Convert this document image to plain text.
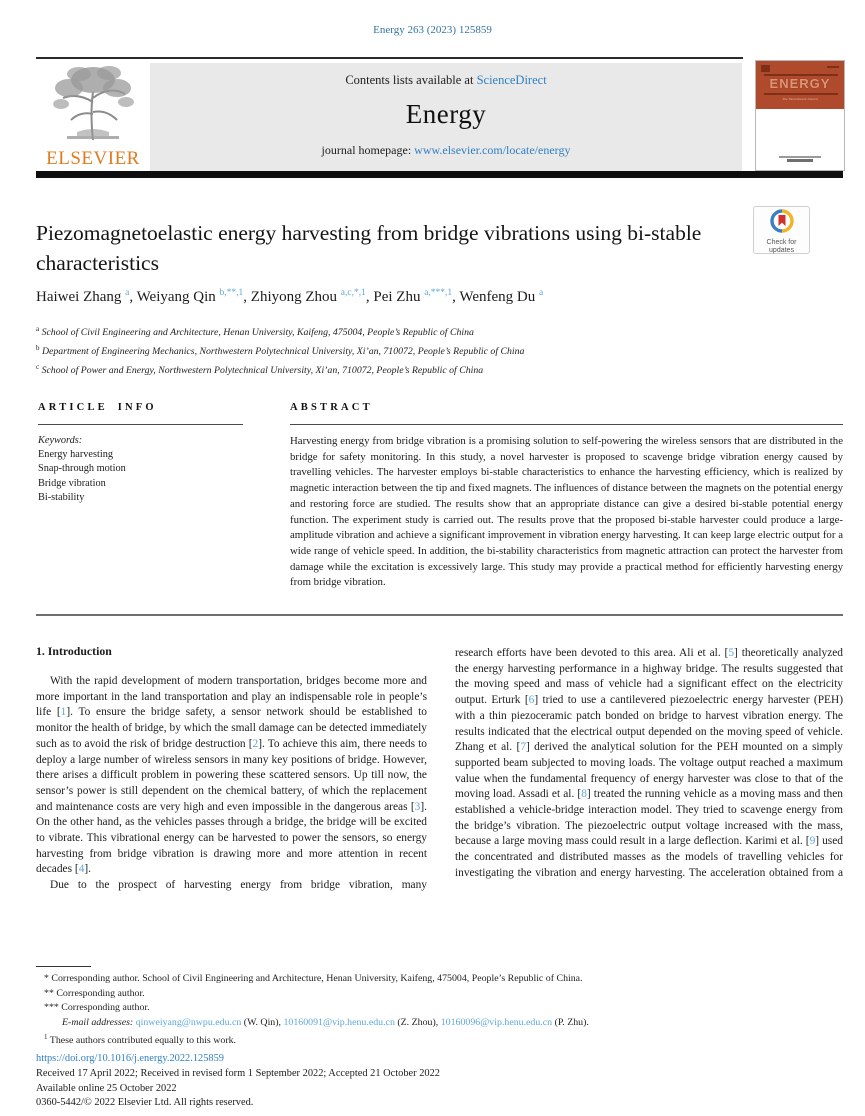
Energy 263 (2023) 125859
ELSEVIER
Contents lists available at ScienceDirect
Energy
journal homepage: www.elsevier.com/locate/energy
ENERGY
The International Journal
Check for
updates
Piezomagnetoelastic energy harvesting from bridge vibrations using bi-stable characteristics
Haiwei Zhang $^a$, Weiyang Qin $^{b,**,1}$, Zhiyong Zhou $^{a,c,*,1}$, Pei Zhu $^{a,***,1}$, Wenfeng Du $^a$
$^a$ School of Civil Engineering and Architecture, Henan University, Kaifeng, 475004, People’s Republic of China
$^b$ Department of Engineering Mechanics, Northwestern Polytechnical University, Xi’an, 710072, People’s Republic of China
$^c$ School of Power and Energy, Northwestern Polytechnical University, Xi’an, 710072, People’s Republic of China
ARTICLE INFO
Keywords:
Energy harvesting
Snap-through motion
Bridge vibration
Bi-stability
ABSTRACT
Harvesting energy from bridge vibration is a promising solution to self-powering the wireless sensors that are distributed in the bridge for safety monitoring. In this study, a novel harvester is proposed to scavenge bridge vibration energy caused by travelling vehicles. The harvester employs bi-stable characteristics to enhance the harvesting efficiency, which is realized by magnetic interaction between the tip and fixed magnets. The influences of distance between the magnets on the potential energy and restoring force are studied. The results show that an appropriate distance can give a desired bi-stable potential energy function. The experiment study is carried out. The results prove that the proposed bi-stable harvester could produce a large-amplitude vibration and achieve a significant improvement in vibration energy harvesting. It can keep large electric output for a wide range of vehicle speed. In addition, the bi-stability characteristics from magnetic attraction can protect the harvester from damage while the excitation is excessively large. This study may provide a practical method for efficiently harvesting energy from bridge vibration.
1. Introduction

With the rapid development of modern transportation, bridges become more and more important in the land transportation and play an indispensable role in people’s life [1]. To ensure the bridge safety, a sensor network should be established to monitor the health of bridge, by which the small damage can be detected immediately such as to avoid the risk of bridge destruction [2]. To achieve this aim, there needs to deploy a large number of wireless sensors in many key positions of bridge. However, there arises a difficult problem in powering these scattered sensors. Up till now, the sensor’s power is still dependent on the chemical battery, of which the replacement and maintenance costs are very high and even impossible in the dangerous areas [3]. On the other hand, as the vehicles passes through a bridge, the bridge will be excited to vibrate. This vibrational energy can be harvested to power the sensors, so energy harvesting from bridge vibration is drawing more and more attention in recent decades [4].

Due to the prospect of harvesting energy from bridge vibration, many

research efforts have been devoted to this area. Ali et al. [5] theoretically analyzed the energy harvesting performance in a highway bridge. The results suggested that the moving speed and mass of vehicle had a significant effect on the electricity output. Erturk [6] tried to use a cantilevered piezoelectric energy harvester (PEH) with a thin piezoceramic patch bonded on bridge to harvest vibration energy. The results indicated that the electrical output depended on the moving speed of vehicle. Zhang et al. [7] derived the analytical solution for the PEH mounted on a simply supported beam subjected to moving loads. The voltage output reached a maximum value when the fundamental frequency of energy harvester was close to that of the moving load. Assadi et al. [8] treated the running vehicle as a moving mass and then established a vehicle-bridge interaction model. They tried to scavenge energy from the bridge’s vibration. The piezoelectric output voltage increased with the mass, because a large moving mass could result in a large deflection. Karimi et al. [9] used the concentrated and distributed masses as the models of travelling vehicles for investigating the vibration and energy harvesting. The acceleration obtained from a

* Corresponding author. School of Civil Engineering and Architecture, Henan University, Kaifeng, 475004, People’s Republic of China.
** Corresponding author.
*** Corresponding author.
E-mail addresses: qinweiyang@nwpu.edu.cn (W. Qin), 10160091@vip.henu.edu.cn (Z. Zhou), 10160096@vip.henu.edu.cn (P. Zhu).
$^1$ These authors contributed equally to this work.
https://doi.org/10.1016/j.energy.2022.125859
Received 17 April 2022; Received in revised form 1 September 2022; Accepted 21 October 2022
Available online 25 October 2022
0360-5442/© 2022 Elsevier Ltd. All rights reserved.
